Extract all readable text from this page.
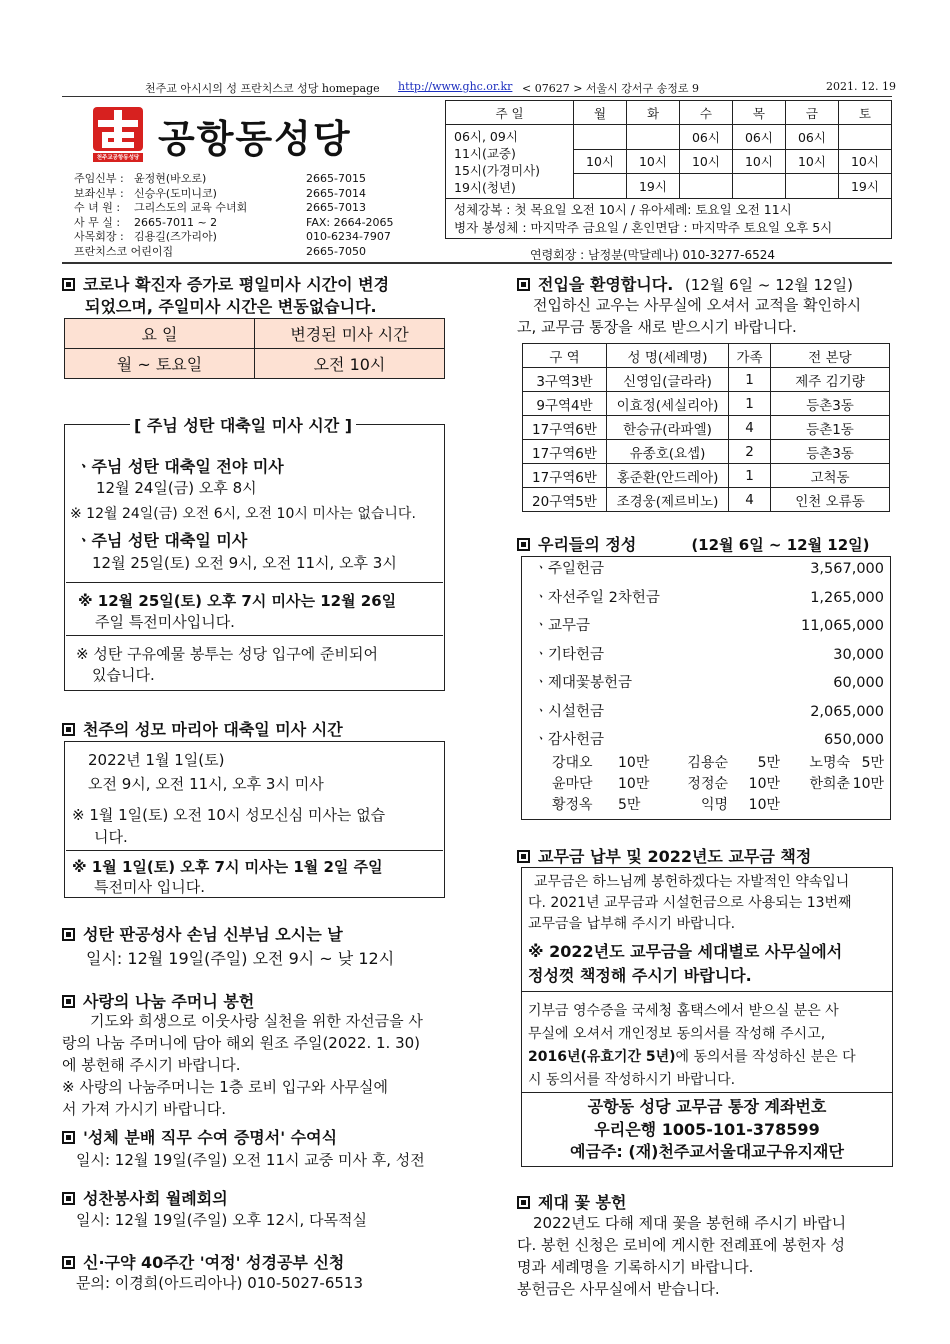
천주교 아시시의 성 프란치스코 성당 homepage http://www.ghc.or.kr < 07627 > 서울시 강서구 송정로 9	2021. 12. 19
천주교공항동성당 공항동성당
주임신부 : 윤정현(바오로)	2665-7015
보좌신부 : 신승우(도미니코)	2665-7014
수 녀 원 : 그리스도의 교육 수녀회	2665-7013
사 무 실 : 2665-7011 ~ 2	FAX: 2664-2065
사목회장 : 김용길(즈가리아)	010-6234-7907
프란치스코 어린이집	2665-7050
주 일	월	화	수	목	금	토

06시, 09시
11시(교중)
15시(가경미사)
19시(청년)			06시	06시	06시	
	10시	10시	10시	10시	10시	10시
		19시				19시

성체강복 : 첫 목요일 오전 10시 / 유아세례: 토요일 오전 11시
병자 봉성체 : 마지막주 금요일 / 혼인면담 : 마지막주 토요일 오후 5시						
연령회장 : 남정분(막달레나) 010-3277-6524
코로나 확진자 증가로 평일미사 시간이 변경
되었으며, 주일미사 시간은 변동없습니다.
요 일	변경된 미사 시간
월 ~ 토요일	오전 10시
[ 주님 성탄 대축일 미사 시간 ]
ㆍ주님 성탄 대축일 전야 미사
12월 24일(금) 오후 8시
※ 12월 24일(금) 오전 6시, 오전 10시 미사는 없습니다.
ㆍ주님 성탄 대축일 미사
12월 25일(토) 오전 9시, 오전 11시, 오후 3시
※ 12월 25일(토) 오후 7시 미사는 12월 26일
주일 특전미사입니다.
※ 성탄 구유예물 봉투는 성당 입구에 준비되어
있습니다.
천주의 성모 마리아 대축일 미사 시간
2022년 1월 1일(토)
오전 9시, 오전 11시, 오후 3시 미사
※ 1월 1일(토) 오전 10시 성모신심 미사는 없습
니다.
※ 1월 1일(토) 오후 7시 미사는 1월 2일 주일
특전미사 입니다.
성탄 판공성사 손님 신부님 오시는 날
일시: 12월 19일(주일) 오전 9시 ~ 낮 12시
사랑의 나눔 주머니 봉헌
기도와 희생으로 이웃사랑 실천을 위한 자선금을 사
랑의 나눔 주머니에 담아 해외 원조 주일(2022. 1. 30)
에 봉헌해 주시기 바랍니다.
※ 사랑의 나눔주머니는 1층 로비 입구와 사무실에
서 가져 가시기 바랍니다.
'성체 분배 직무 수여 증명서' 수여식
일시: 12월 19일(주일) 오전 11시 교중 미사 후, 성전
성찬봉사회 월례회의
일시: 12월 19일(주일) 오후 12시, 다목적실
신·구약 40주간 '여정' 성경공부 신청
문의: 이경희(아드리아나) 010-5027-6513
전입을 환영합니다. (12월 6일 ~ 12월 12일)
전입하신 교우는 사무실에 오셔서 교적을 확인하시
고, 교무금 통장을 새로 받으시기 바랍니다.
구 역	성 명(세례명)	가족	전 본당
3구역3반	신영임(글라라)	1	제주 김기량
9구역4반	이효정(세실리아)	1	등촌3동
17구역6반	한승규(라파엘)	4	등촌1동
17구역6반	유종호(요셉)	2	등촌3동
17구역6반	홍준환(안드레아)	1	고척동
20구역5반	조경웅(제르비노)	4	인천 오류동
우리들의 정성	(12월 6일 ~ 12월 12일)
ㆍ주일헌금	3,567,000
ㆍ자선주일 2차헌금	1,265,000
ㆍ교무금	11,065,000
ㆍ기타헌금	30,000
ㆍ제대꽃봉헌금	60,000
ㆍ시설헌금	2,065,000
ㆍ감사헌금	650,000
강대오 10만	김용순 5만 노명숙 5만
윤마단 10만	정정순 10만 한희춘 10만
황정옥 5만	익명 10만
교무금 납부 및 2022년도 교무금 책정
교무금은 하느님께 봉헌하겠다는 자발적인 약속입니
다. 2021년 교무금과 시설헌금으로 사용되는 13번째
교무금을 납부해 주시기 바랍니다.
※ 2022년도 교무금을 세대별로 사무실에서
정성껏 책정해 주시기 바랍니다.
기부금 영수증을 국세청 홈택스에서 받으실 분은 사
무실에 오셔서 개인정보 동의서를 작성해 주시고,
2016년(유효기간 5년)에 동의서를 작성하신 분은 다
시 동의서를 작성하시기 바랍니다.
공항동 성당 교무금 통장 계좌번호
우리은행 1005-101-378599
예금주: (재)천주교서울대교구유지재단
제대 꽃 봉헌
2022년도 다해 제대 꽃을 봉헌해 주시기 바랍니
다. 봉헌 신청은 로비에 게시한 전례표에 봉헌자 성
명과 세례명을 기록하시기 바랍니다.
봉헌금은 사무실에서 받습니다.
